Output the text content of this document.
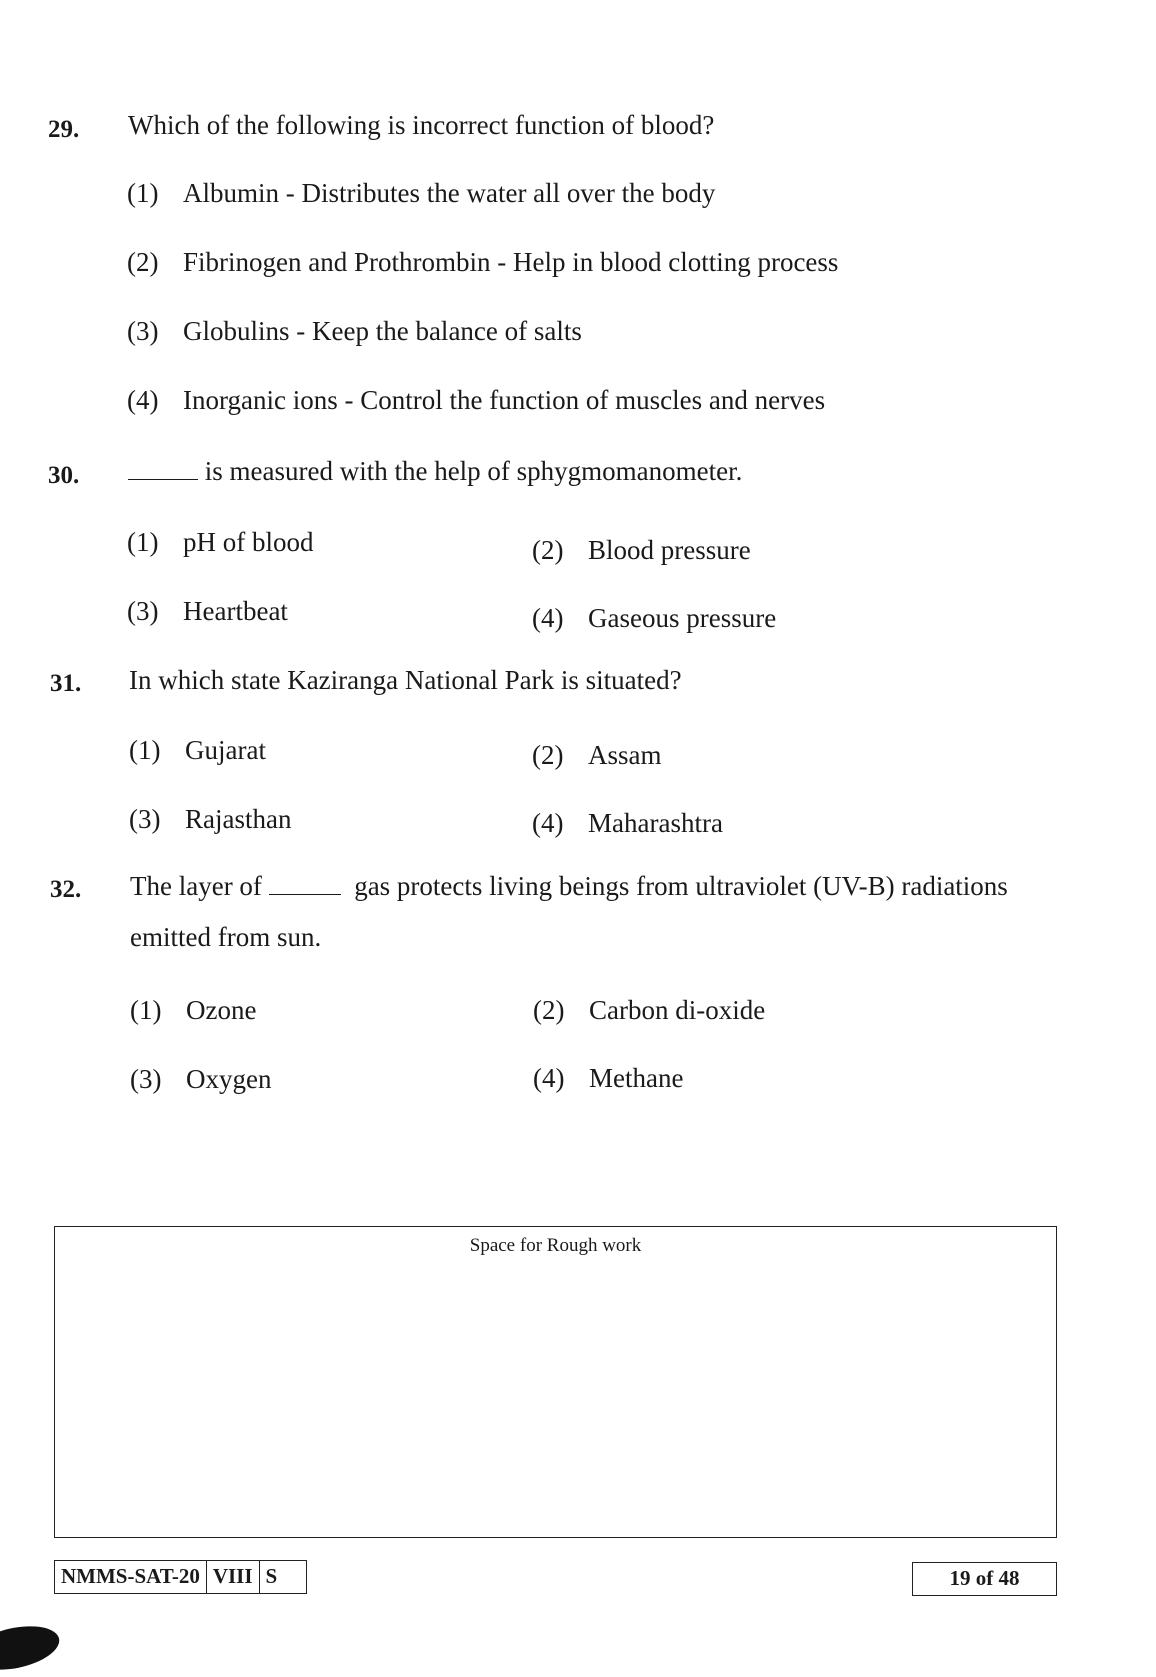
29. Which of the following is incorrect function of blood?
(1) Albumin - Distributes the water all over the body
(2) Fibrinogen and Prothrombin - Help in blood clotting process
(3) Globulins - Keep the balance of salts
(4) Inorganic ions - Control the function of muscles and nerves
30.	is measured with the help of sphygmomanometer.
(1) pH of blood	(2) Blood pressure
(3) Heartbeat	(4) Gaseous pressure
31. In which state Kaziranga National Park is situated?
(1) Gujarat	(2) Assam
(3) Rajasthan	(4) Maharashtra
32. The layer of	gas protects living beings from ultraviolet (UV-B) radiations
emitted from sun.
(1) Ozone	(2) Carbon di-oxide
(3) Oxygen	(4) Methane
Space for Rough work
NMMS-SAT-20 VIII S	19 of 48
